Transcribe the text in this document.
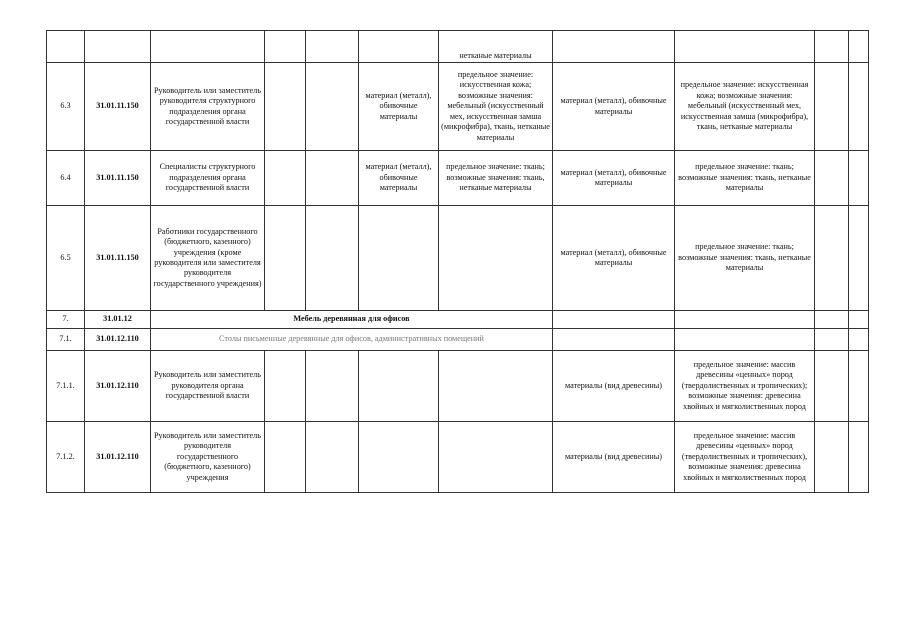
						нетканые материалы				
6.3	31.01.11.150	Руководитель или заместитель руководителя структурного подразделения органа государственной власти			материал (металл), обивочные материалы	предельное значение: искусственная кожа; возможные значения: мебельный (искусственный мех, искусственная замша (микрофибра), ткань, нетканые материалы	материал (металл), обивочные материалы	предельное значение: искусственная кожа; возможные значения: мебельный (искусственный мех, искусственная замша (микрофибра), ткань, нетканые материалы		
6.4	31.01.11.150	Специалисты структурного подразделения органа государственной власти			материал (металл), обивочные материалы	предельное значение: ткань; возможные значения: ткань, нетканые материалы	материал (металл), обивочные материалы	предельное значение: ткань; возможные значения: ткань, нетканые материалы		
6.5	31.01.11.150	Работники государственного (бюджетного, казенного) учреждения (кроме руководителя или заместителя руководителя государственного учреждения)					материал (металл), обивочные материалы	предельное значение: ткань; возможные значения: ткань, нетканые материалы		
7.	31.01.12	Мебель деревянная для офисов								
7.1.	31.01.12.110	Столы письменные деревянные для офисов, административных помещений								
7.1.1.	31.01.12.110	Руководитель или заместитель руководителя органа государственной власти					материалы (вид древесины)	предельное значение: массив древесины «ценных» пород (твердолиственных и тропических); возможные значения: древесина хвойных и мягколиственных пород		
7.1.2.	31.01.12.110	Руководитель или заместитель руководителя государственного (бюджетного, казенного) учреждения					материалы (вид древесины)	предельное значение: массив древесины «ценных» пород (твердолиственных и тропических), возможные значения: древесина хвойных и мягколиственных пород		
